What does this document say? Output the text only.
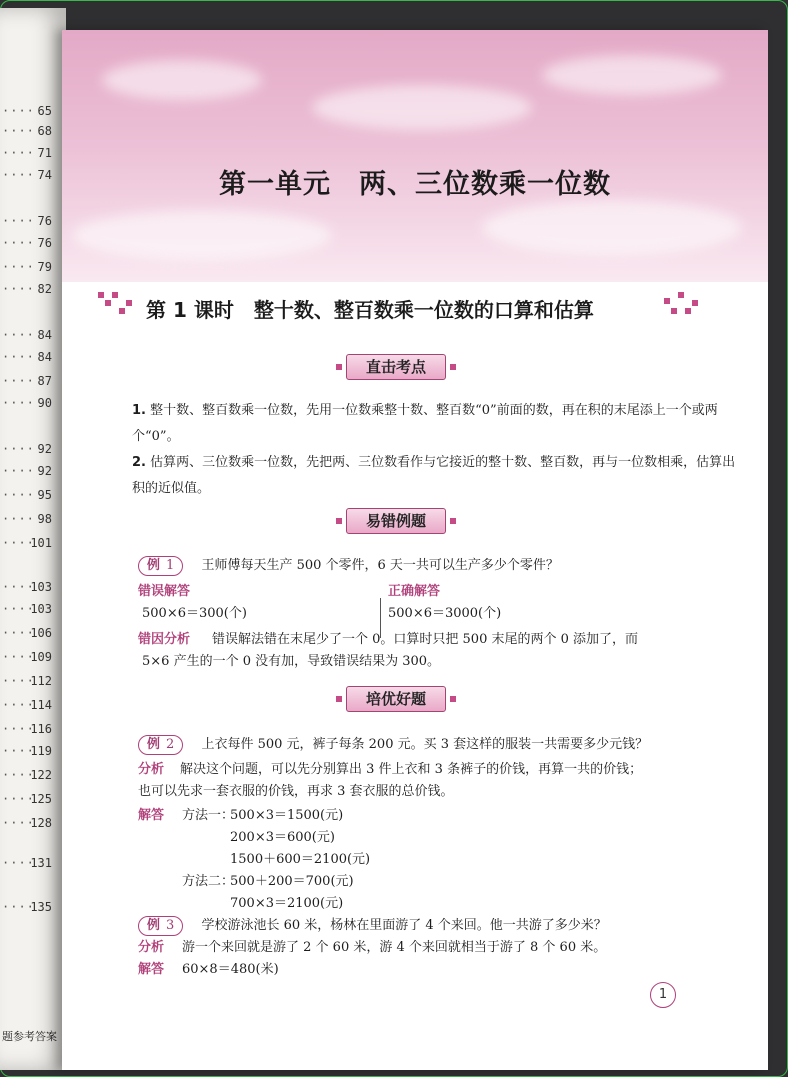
···· 65
···· 68
···· 71
···· 74
···· 76
···· 76
···· 79
···· 82
···· 84
···· 84
···· 87
···· 90
···· 92
···· 92
···· 95
···· 98
····
101
····
103
····
103
····
106
····
109
····
112
····
114
····
116
····
119
····
122
····
125
····
128
····
131
····
135
题参考答案
第一单元　两、三位数乘一位数
第 1 课时　整十数、整百数乘一位数的口算和估算
直击考点
1. 整十数、整百数乘一位数，先用一位数乘整十数、整百数“0”前面的数，再在积的末尾添上一个或两个“0”。
2. 估算两、三位数乘一位数，先把两、三位数看作与它接近的整十数、整百数，再与一位数相乘，估算出积的近似值。
易错例题
例 1 王师傅每天生产 500 个零件，6 天一共可以生产多少个零件？
错误解答
500×6＝300(个)
正确解答
500×6＝3000(个)
错因分析 错误解法错在末尾少了一个 0。口算时只把 500 末尾的两个 0 添加了，而
5×6 产生的一个 0 没有加，导致错误结果为 300。
培优好题
例 2 上衣每件 500 元，裤子每条 200 元。买 3 套这样的服装一共需要多少元钱？
分析 解决这个问题，可以先分别算出 3 件上衣和 3 条裤子的价钱，再算一共的价钱；
也可以先求一套衣服的价钱，再求 3 套衣服的总价钱。
解答 方法一：
500×3＝1500(元)
200×3＝600(元)
1500＋600＝2100(元)
方法二：
500＋200＝700(元)
700×3＝2100(元)
例 3 学校游泳池长 60 米，杨林在里面游了 4 个来回。他一共游了多少米？
分析 游一个来回就是游了 2 个 60 米，游 4 个来回就相当于游了 8 个 60 米。
解答 60×8＝480(米)
1
